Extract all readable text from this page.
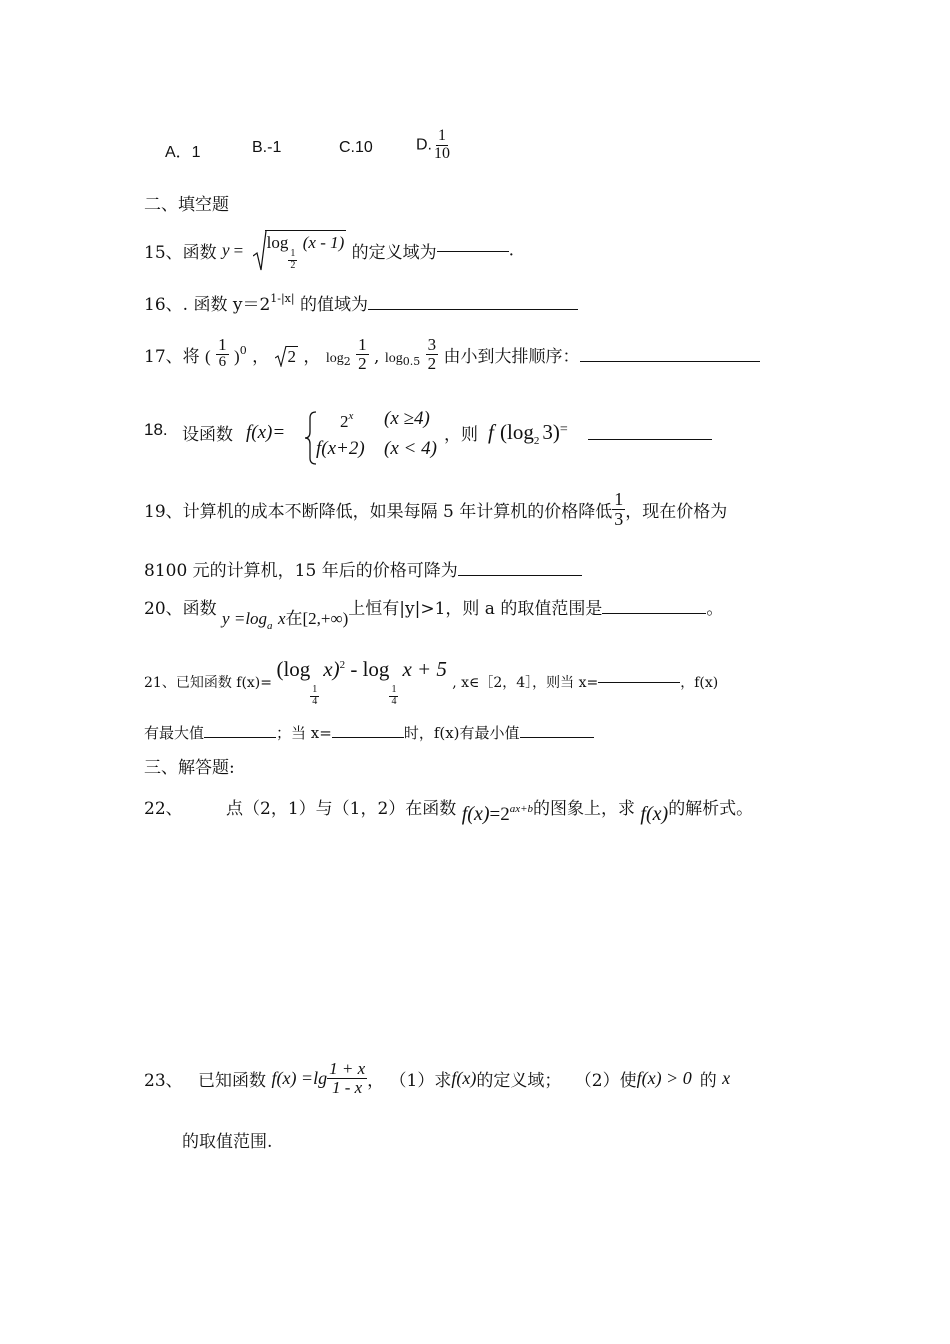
A．1	B.-1	C.10	D. $\frac{1}{10}$
二、填空题
15、函数 y = log
$\frac{1}{2}$
(x - 1) 的定义域为	.
16、. 函数 $y=2^{1-|x|}$ 的值域为
17、将 ( $\frac{1}{6} )_0$ ， 2 ， $_{log2} \frac{1}{2}$ , $_{log0.5} \frac{3}{2}$ 由小到大排顺序：
18. 设函数 f(x)=
$2^x$ (x ≥4)
f(x+2) (x < 4)
，则 f ($\log_2$ 3)=
19、计算机的成本不断降低，如果每隔 5 年计算机的价格降低 $\frac{1}{3}$ ，现在价格为
8100 元的计算机，15 年后的价格可降为
20、函数 $y =\log_a$ x在[2,+∞)上恒有|y|>1，则 a 的取值范围是	。
21、已知函数 f(x)= (log
$\frac{1}{4}$
x)$^2$ - log
$\frac{1}{4}$
x + 5 , x∈［2，4］，则当 x=	，f(x)
有最大值	；当 x=	时，f(x)有最小值
三、解答题:
22、	点（2，1）与（1，2）在函数 f(x)=2ax+b的图象上，求 f(x)的解析式。
23、 已知函数 $f(x) =\lg \frac{1 + x}{1 - x}$ ， （1）求f(x)的定义域； （2）使f(x) > 0 的 x
的取值范围.
